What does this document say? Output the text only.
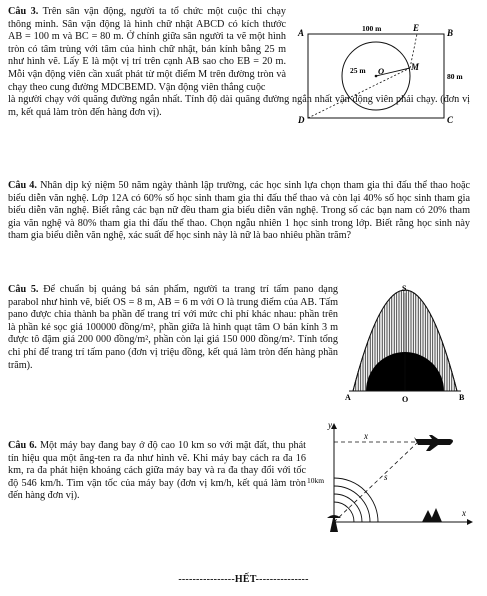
Câu 3. Trên sân vận động, người ta tổ chức một cuộc thi chạy thông minh. Sân vận động là hình chữ nhật ABCD có kích thước AB = 100 m và BC = 80 m. Ở chính giữa sân người ta vẽ một hình tròn có tâm trùng với tâm của hình chữ nhật, bán kính bằng 25 m như hình vẽ. Lấy E là một vị trí trên cạnh AB sao cho EB = 20 m. Mỗi vận động viên cần xuất phát từ một điểm M trên đường tròn và chạy theo cung đường MDCBEMD. Vận động viên thắng cuộc

là người chạy với quãng đường ngắn nhất. Tính độ dài quãng đường ngắn nhất vận động viên phải chạy. (đơn vị m, kết quả làm tròn đến hàng đơn vị).

A	B
C
D
E
M
O
100 m
80 m
25 m

Câu 4. Nhân dịp kỷ niệm 50 năm ngày thành lập trường, các học sinh lựa chọn tham gia thi đấu thể thao hoặc biểu diễn văn nghệ. Lớp 12A có 60% số học sinh tham gia thi đấu thể thao và còn lại 40% số học sinh tham gia biểu diễn văn nghệ. Biết rằng các bạn nữ đều tham gia biểu diễn văn nghệ. Trong số các bạn nam có 20% tham gia văn nghệ và 80% tham gia thi đấu thể thao. Chọn ngẫu nhiên 1 học sinh trong lớp. Biết rằng học sinh này tham gia biểu diễn văn nghệ, xác suất để học sinh này là nữ là bao nhiêu phần trăm?

Câu 5. Để chuẩn bị quảng bá sản phẩm, người ta trang trí tấm pano dạng parabol như hình vẽ, biết OS = 8 m, AB = 6 m với O là trung điểm của AB. Tấm pano được chia thành ba phần để trang trí với mức chi phí khác nhau: phần trên là phần kẻ sọc giá 100000 đồng/m², phần giữa là hình quạt tâm O bán kính 3 m được tô đậm giá 200 000 đồng/m², phần còn lại giá 150 000 đồng/m². Tính tổng chi phí để trang trí tấm pano (đơn vị triệu đồng, kết quả làm tròn đến hàng phần trăm).

S
A	O	B

Câu 6. Một máy bay đang bay ở độ cao 10 km so với mặt đất, thu phát tín hiệu qua một ăng-ten ra đa như hình vẽ. Khi máy bay cách ra đa 16 km, ra đa phát hiện khoảng cách giữa máy bay và ra đa thay đổi với tốc độ 546 km/h. Tìm vận tốc của máy bay (đơn vị km/h, kết quả làm tròn đến hàng đơn vị).

y
x
x
s
10km
----------------HẾT---------------
